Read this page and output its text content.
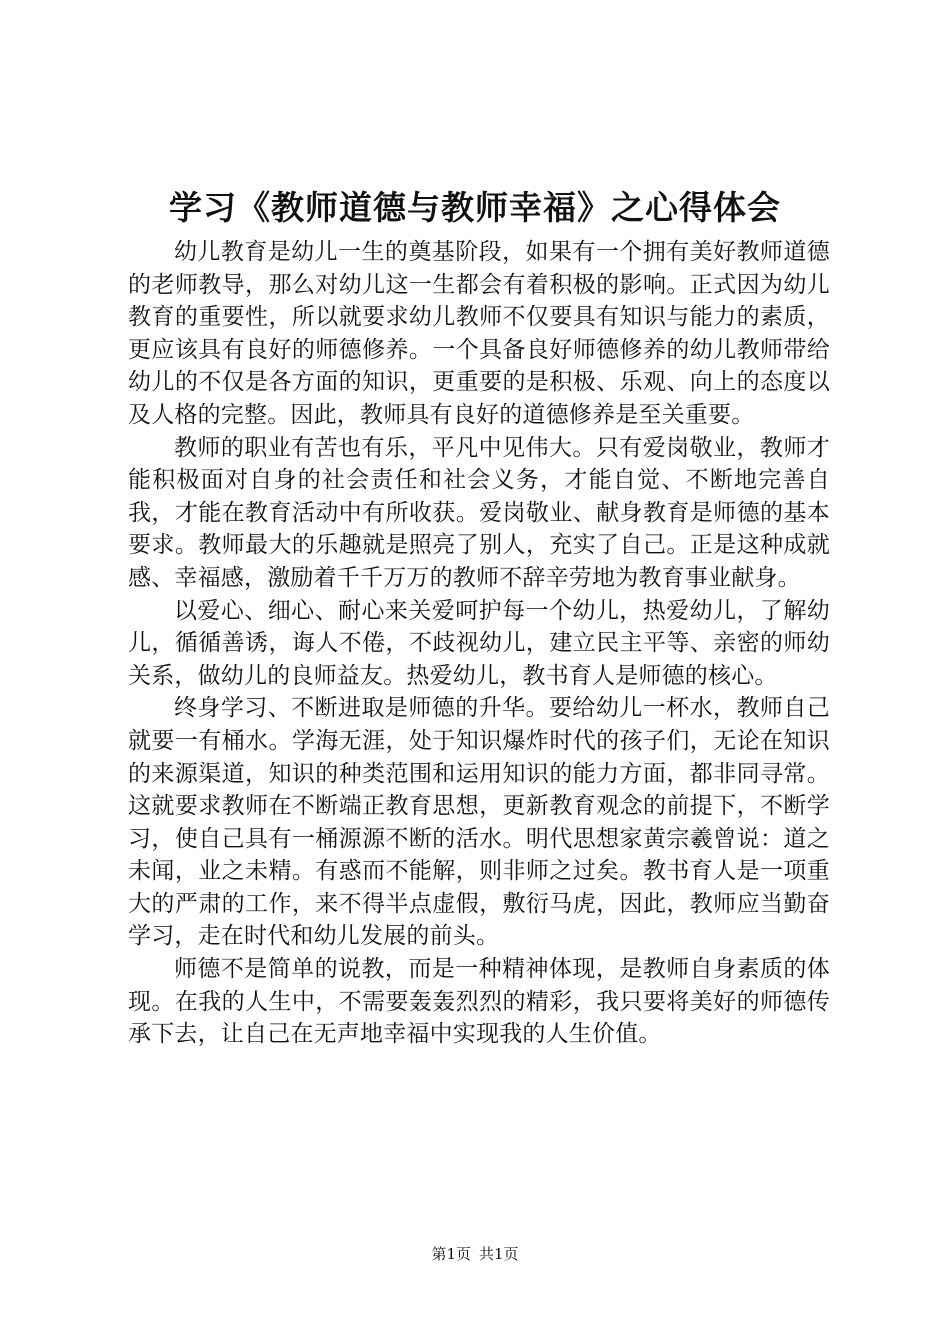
学习《教师道德与教师幸福》之心得体会

幼儿教育是幼儿一生的奠基阶段，如果有一个拥有美好教师道德的老师教导，那么对幼儿这一生都会有着积极的影响。正式因为幼儿教育的重要性，所以就要求幼儿教师不仅要具有知识与能力的素质，更应该具有良好的师德修养。一个具备良好师德修养的幼儿教师带给幼儿的不仅是各方面的知识，更重要的是积极、乐观、向上的态度以及人格的完整。因此，教师具有良好的道德修养是至关重要。

教师的职业有苦也有乐，平凡中见伟大。只有爱岗敬业，教师才能积极面对自身的社会责任和社会义务，才能自觉、不断地完善自我，才能在教育活动中有所收获。爱岗敬业、献身教育是师德的基本要求。教师最大的乐趣就是照亮了别人，充实了自己。正是这种成就感、幸福感，激励着千千万万的教师不辞辛劳地为教育事业献身。

以爱心、细心、耐心来关爱呵护每一个幼儿，热爱幼儿，了解幼儿，循循善诱，诲人不倦，不歧视幼儿，建立民主平等、亲密的师幼关系，做幼儿的良师益友。热爱幼儿，教书育人是师德的核心。

终身学习、不断进取是师德的升华。要给幼儿一杯水，教师自己就要一有桶水。学海无涯，处于知识爆炸时代的孩子们，无论在知识的来源渠道，知识的种类范围和运用知识的能力方面，都非同寻常。这就要求教师在不断端正教育思想，更新教育观念的前提下，不断学习，使自己具有一桶源源不断的活水。明代思想家黄宗羲曾说：道之未闻，业之未精。有惑而不能解，则非师之过矣。教书育人是一项重大的严肃的工作，来不得半点虚假，敷衍马虎，因此，教师应当勤奋学习，走在时代和幼儿发展的前头。

师德不是简单的说教，而是一种精神体现，是教师自身素质的体现。在我的人生中，不需要轰轰烈烈的精彩，我只要将美好的师德传承下去，让自己在无声地幸福中实现我的人生价值。

第1页 共1页
